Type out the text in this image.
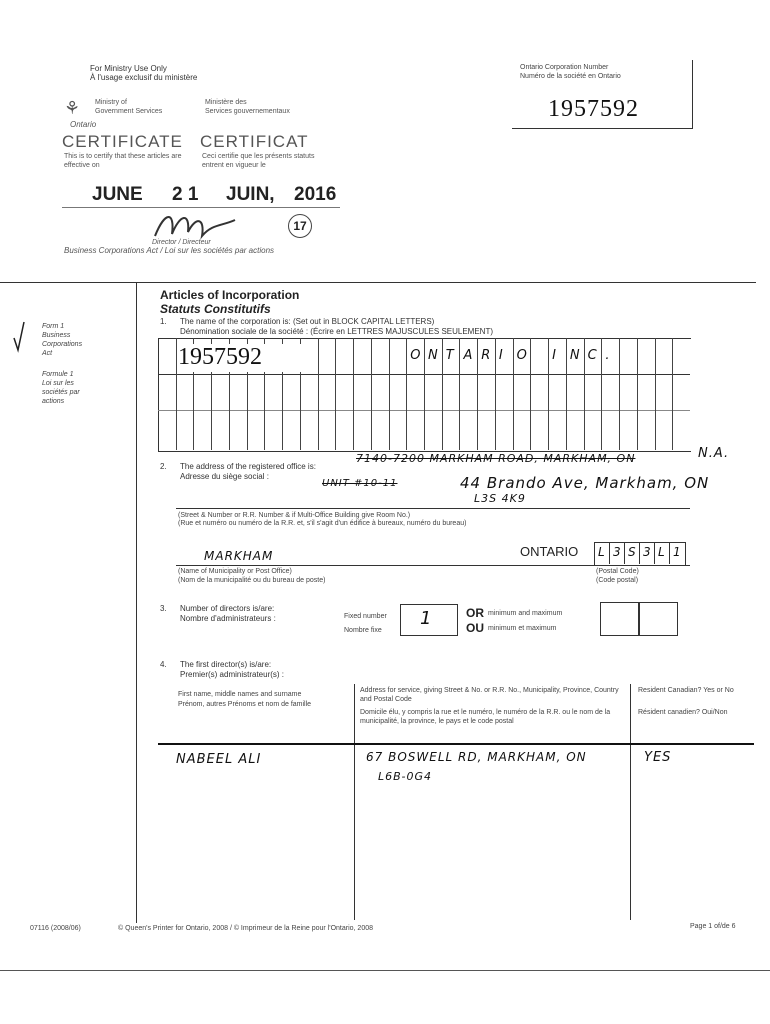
For Ministry Use Only
À l'usage exclusif du ministère
Ontario Corporation Number
Numéro de la société en Ontario
1957592
⚘ Ministry of
Government Services
Ministère des
Services gouvernementaux
Ontario
CERTIFICATE CERTIFICAT
This is to certify that these articles are effective on
Ceci certifie que les présents statuts entrent en vigueur le
JUNE 2 1 JUIN, 2016
17
Director / Directeur
Business Corporations Act / Loi sur les sociétés par actions
Form 1
Business
Corporations
Act
Formule 1
Loi sur les
sociétés par
actions
Articles of Incorporation
Statuts Constitutifs
1. The name of the corporation is: (Set out in BLOCK CAPITAL LETTERS)
Dénomination sociale de la société : (Écrire en LETTRES MAJUSCULES SEULEMENT)
1957592	O N T A R I O I N C .
2. The address of the registered office is:
Adresse du siège social :
7140-7200 MARKHAM ROAD, MARKHAM, ON	N.A.
UNIT #10-11	44 Brando Ave, Markham, ON
L3S 4K9
(Street & Number or R.R. Number & if Multi-Office Building give Room No.)
(Rue et numéro ou numéro de la R.R. et, s'il s'agit d'un édifice à bureaux, numéro du bureau)
MARKHAM	ONTARIO L 3 S 3 L 1
(Name of Municipality or Post Office)
(Nom de la municipalité ou du bureau de poste)
(Postal Code)
(Code postal)
3. Number of directors is/are:
Nombre d'administrateurs :	Fixed number
Nombre fixe
1	OR
OU
minimum and maximum
minimum et maximum
4. The first director(s) is/are:
Premier(s) administrateur(s) :
First name, middle names and surname
Prénom, autres Prénoms et nom de famille
Address for service, giving Street & No. or R.R. No., Municipality, Province, Country and Postal Code
Domicile élu, y compris la rue et le numéro, le numéro de la R.R. ou le nom de la municipalité, la province, le pays et le code postal
Resident Canadian? Yes or No
Résident canadien? Oui/Non
NABEEL ALI	67 BOSWELL RD, MARKHAM, ON
L6B-0G4
YES
07116 (2008/06)	© Queen's Printer for Ontario, 2008 / © Imprimeur de la Reine pour l'Ontario, 2008	Page 1 of/de 6
